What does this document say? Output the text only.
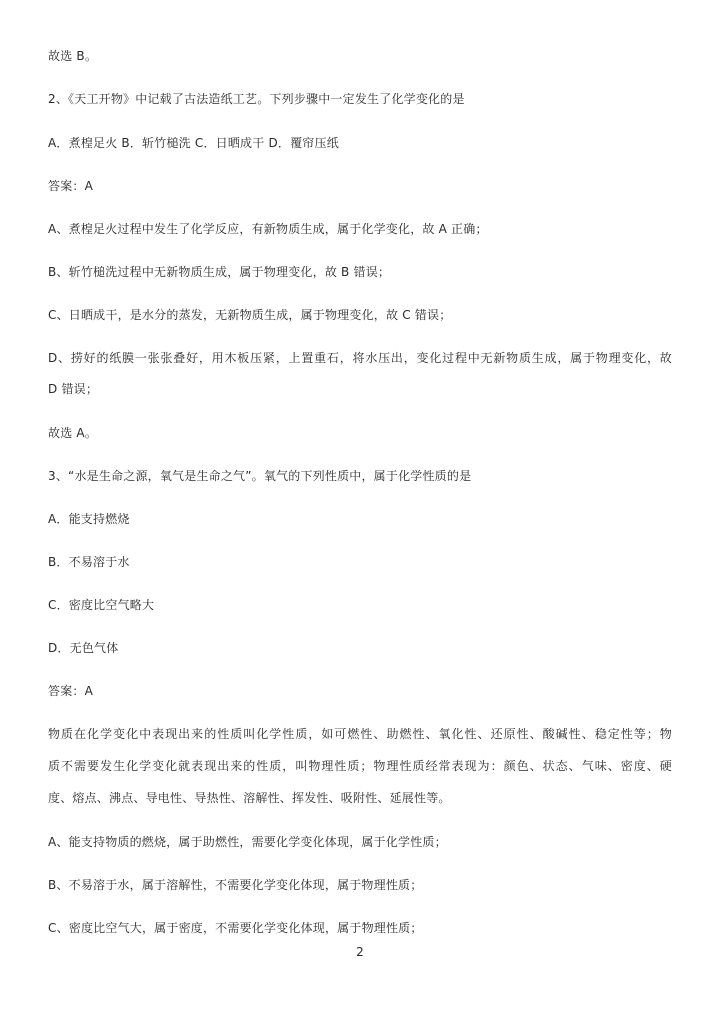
故选 B。
2、《天工开物》中记载了古法造纸工艺。下列步骤中一定发生了化学变化的是
A．煮楻足火 B．斩竹槌洗 C．日晒成干 D．覆帘压纸
答案：A
A、煮楻足火过程中发生了化学反应，有新物质生成，属于化学变化，故 A 正确；
B、斩竹槌洗过程中无新物质生成，属于物理变化，故 B 错误；
C、日晒成干，是水分的蒸发，无新物质生成，属于物理变化，故 C 错误；
D、捞好的纸膜一张张叠好，用木板压紧，上置重石，将水压出，变化过程中无新物质生成，属于物理变化，故
D 错误；
故选 A。
3、“水是生命之源，氧气是生命之气”。氧气的下列性质中，属于化学性质的是
A．能支持燃烧
B．不易溶于水
C．密度比空气略大
D．无色气体
答案：A
物质在化学变化中表现出来的性质叫化学性质，如可燃性、助燃性、氧化性、还原性、酸碱性、稳定性等；物
质不需要发生化学变化就表现出来的性质，叫物理性质；物理性质经常表现为：颜色、状态、气味、密度、硬
度、熔点、沸点、导电性、导热性、溶解性、挥发性、吸附性、延展性等。
A、能支持物质的燃烧，属于助燃性，需要化学变化体现，属于化学性质；
B、不易溶于水，属于溶解性，不需要化学变化体现，属于物理性质；
C、密度比空气大，属于密度，不需要化学变化体现，属于物理性质；
2
